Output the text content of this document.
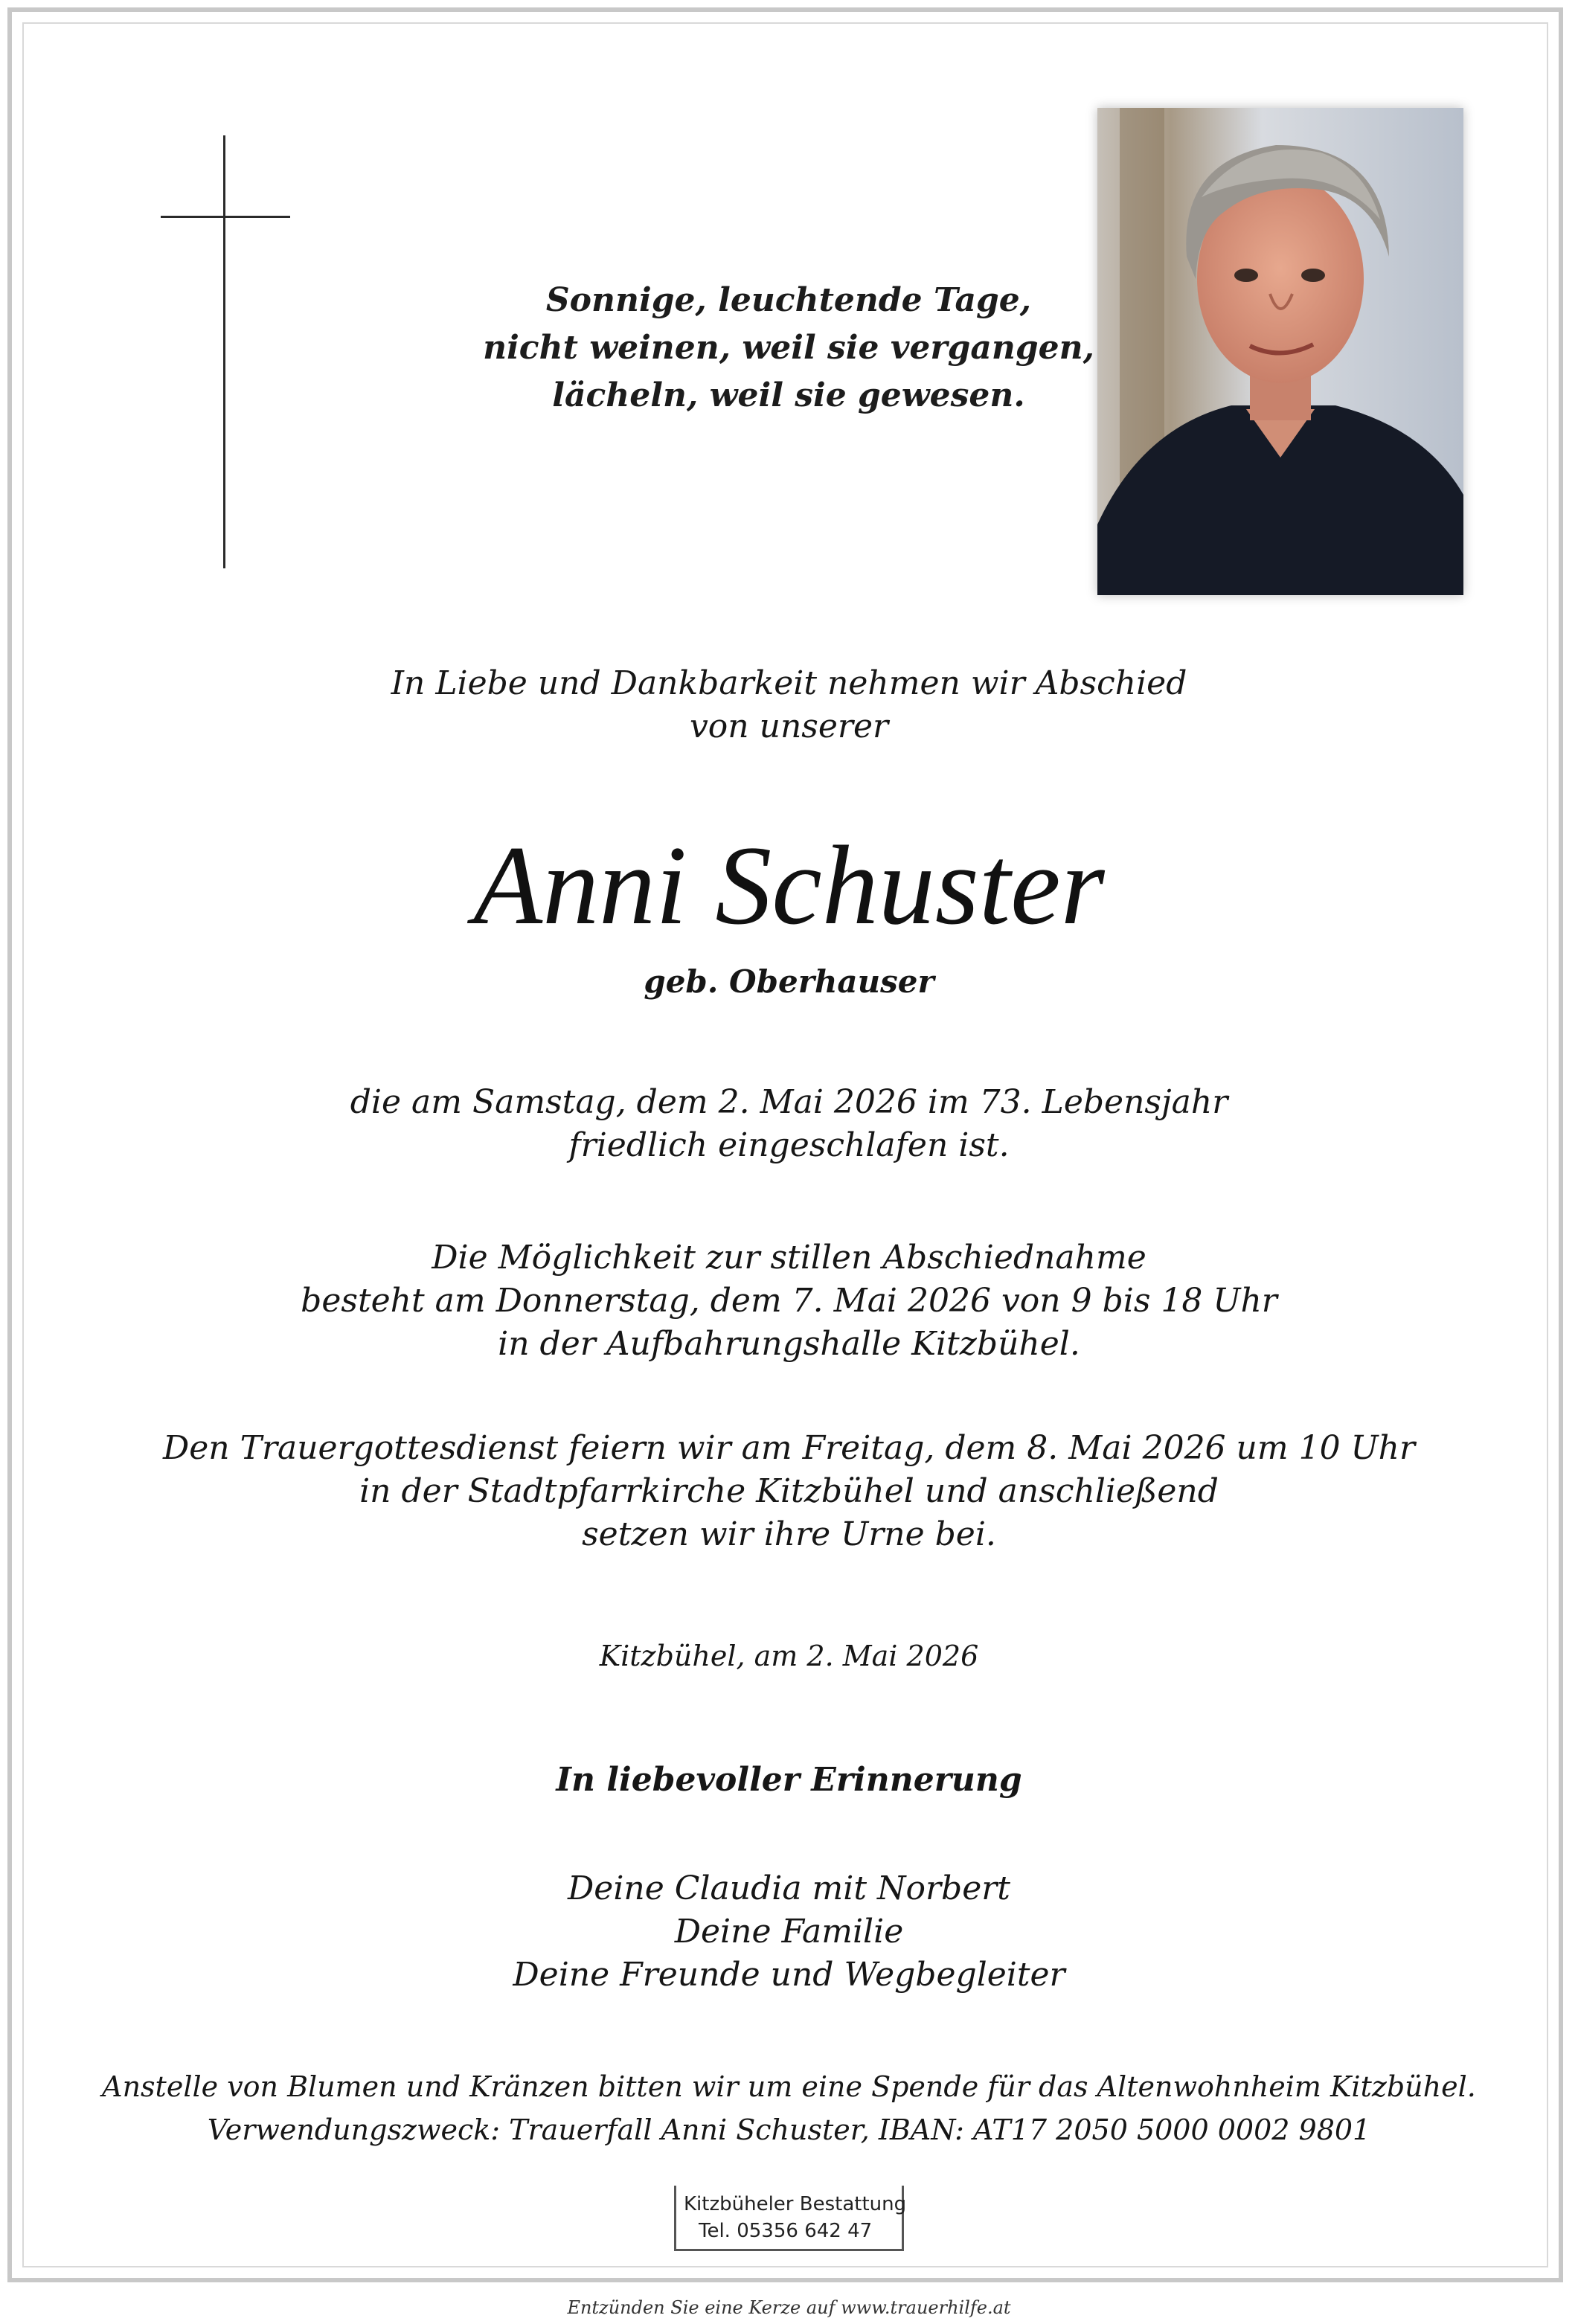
Sonnige, leuchtende Tage,
nicht weinen, weil sie vergangen,
lächeln, weil sie gewesen.
In Liebe und Dankbarkeit nehmen wir Abschied
von unserer
Anni Schuster
geb. Oberhauser
die am Samstag, dem 2. Mai 2026 im 73. Lebensjahr
friedlich eingeschlafen ist.
Die Möglichkeit zur stillen Abschiednahme
besteht am Donnerstag, dem 7. Mai 2026 von 9 bis 18 Uhr
in der Aufbahrungshalle Kitzbühel.
Den Trauergottesdienst feiern wir am Freitag, dem 8. Mai 2026 um 10 Uhr
in der Stadtpfarrkirche Kitzbühel und anschließend
setzen wir ihre Urne bei.
Kitzbühel, am 2. Mai 2026
In liebevoller Erinnerung
Deine Claudia mit Norbert
Deine Familie
Deine Freunde und Wegbegleiter
Anstelle von Blumen und Kränzen bitten wir um eine Spende für das Altenwohnheim Kitzbühel.
Verwendungszweck: Trauerfall Anni Schuster, IBAN: AT17 2050 5000 0002 9801
Kitzbüheler Bestattung
Tel. 05356 642 47
Entzünden Sie eine Kerze auf www.trauerhilfe.at
